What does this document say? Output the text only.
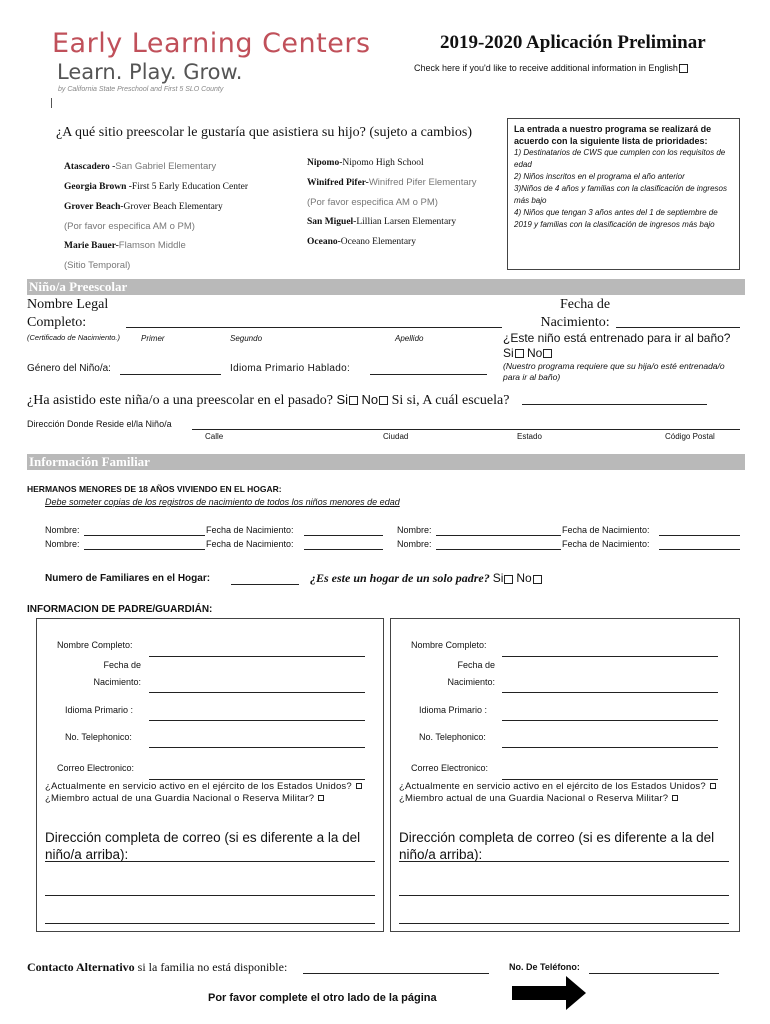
Early Learning Centers
Learn. Play. Grow.
by California State Preschool and First 5 SLO County
2019-2020 Aplicación Preliminar
Check here if you'd like to receive additional information in English
¿A qué sitio preescolar le gustaría que asistiera su hijo? (sujeto a cambios)
Atascadero -San Gabriel Elementary
Georgia Brown -First 5 Early Education Center
Grover Beach-Grover Beach Elementary
(Por favor especifica AM o PM)
Marie Bauer-Flamson Middle
(Sitio Temporal)
Nipomo-Nipomo High School
Winifred Pifer-Winifred Pifer Elementary
(Por favor especifica AM o PM)
San Miguel-Lillian Larsen Elementary
Oceano-Oceano Elementary
La entrada a nuestro programa se realizará de acuerdo con la siguiente lista de prioridades:
1) Destinatarios de CWS que cumplen con los requisitos de edad
2) Niños inscritos en el programa el año anterior
3)Niños de 4 años y familias con la clasificación de ingresos más bajo
4) Niños que tengan 3 años antes del 1 de septiembre de 2019 y familias con la clasificación de ingresos más bajo
Niño/a Preescolar
Nombre Legal
Completo:
(Certificado de Nacimiento.)	Primer	Segundo	Apellido
Fecha de
Nacimiento:
¿Este niño está entrenado para ir al baño?
Si No
(Nuestro programa requiere que su hija/o esté entrenada/o para ir al baño)
Género del Niño/a:	Idioma Primario Hablado:
¿Ha asistido este niña/o a una preescolar en el pasado? Si No Si si, A cuál escuela?
Dirección Donde Reside el/la Niño/a
Calle	Ciudad	Estado	Código Postal
Información Familiar
HERMANOS MENORES DE 18 AÑOS VIVIENDO EN EL HOGAR:
Debe someter copias de los registros de nacimiento de todos los niños menores de edad
Nombre:	Fecha de Nacimiento:	Nombre:	Fecha de Nacimiento:
Nombre:	Fecha de Nacimiento:	Nombre:	Fecha de Nacimiento:
Numero de Familiares en el Hogar:	¿Es este un hogar de un solo padre? Si No
INFORMACION DE PADRE/GUARDIÁN:
Nombre Completo:
Fecha de
Nacimiento:
Idioma Primario :
No. Telephonico:
Correo Electronico:
¿Actualmente en servicio activo en el ejército de los Estados Unidos?
¿Miembro actual de una Guardia Nacional o Reserva Militar?
Dirección completa de correo (si es diferente a la del niño/a arriba):
Nombre Completo:
Fecha de
Nacimiento:
Idioma Primario :
No. Telephonico:
Correo Electronico:
¿Actualmente en servicio activo en el ejército de los Estados Unidos?
¿Miembro actual de una Guardia Nacional o Reserva Militar?
Dirección completa de correo (si es diferente a la del niño/a arriba):
Contacto Alternativo si la familia no está disponible:	No. De Teléfono:
Por favor complete el otro lado de la página
